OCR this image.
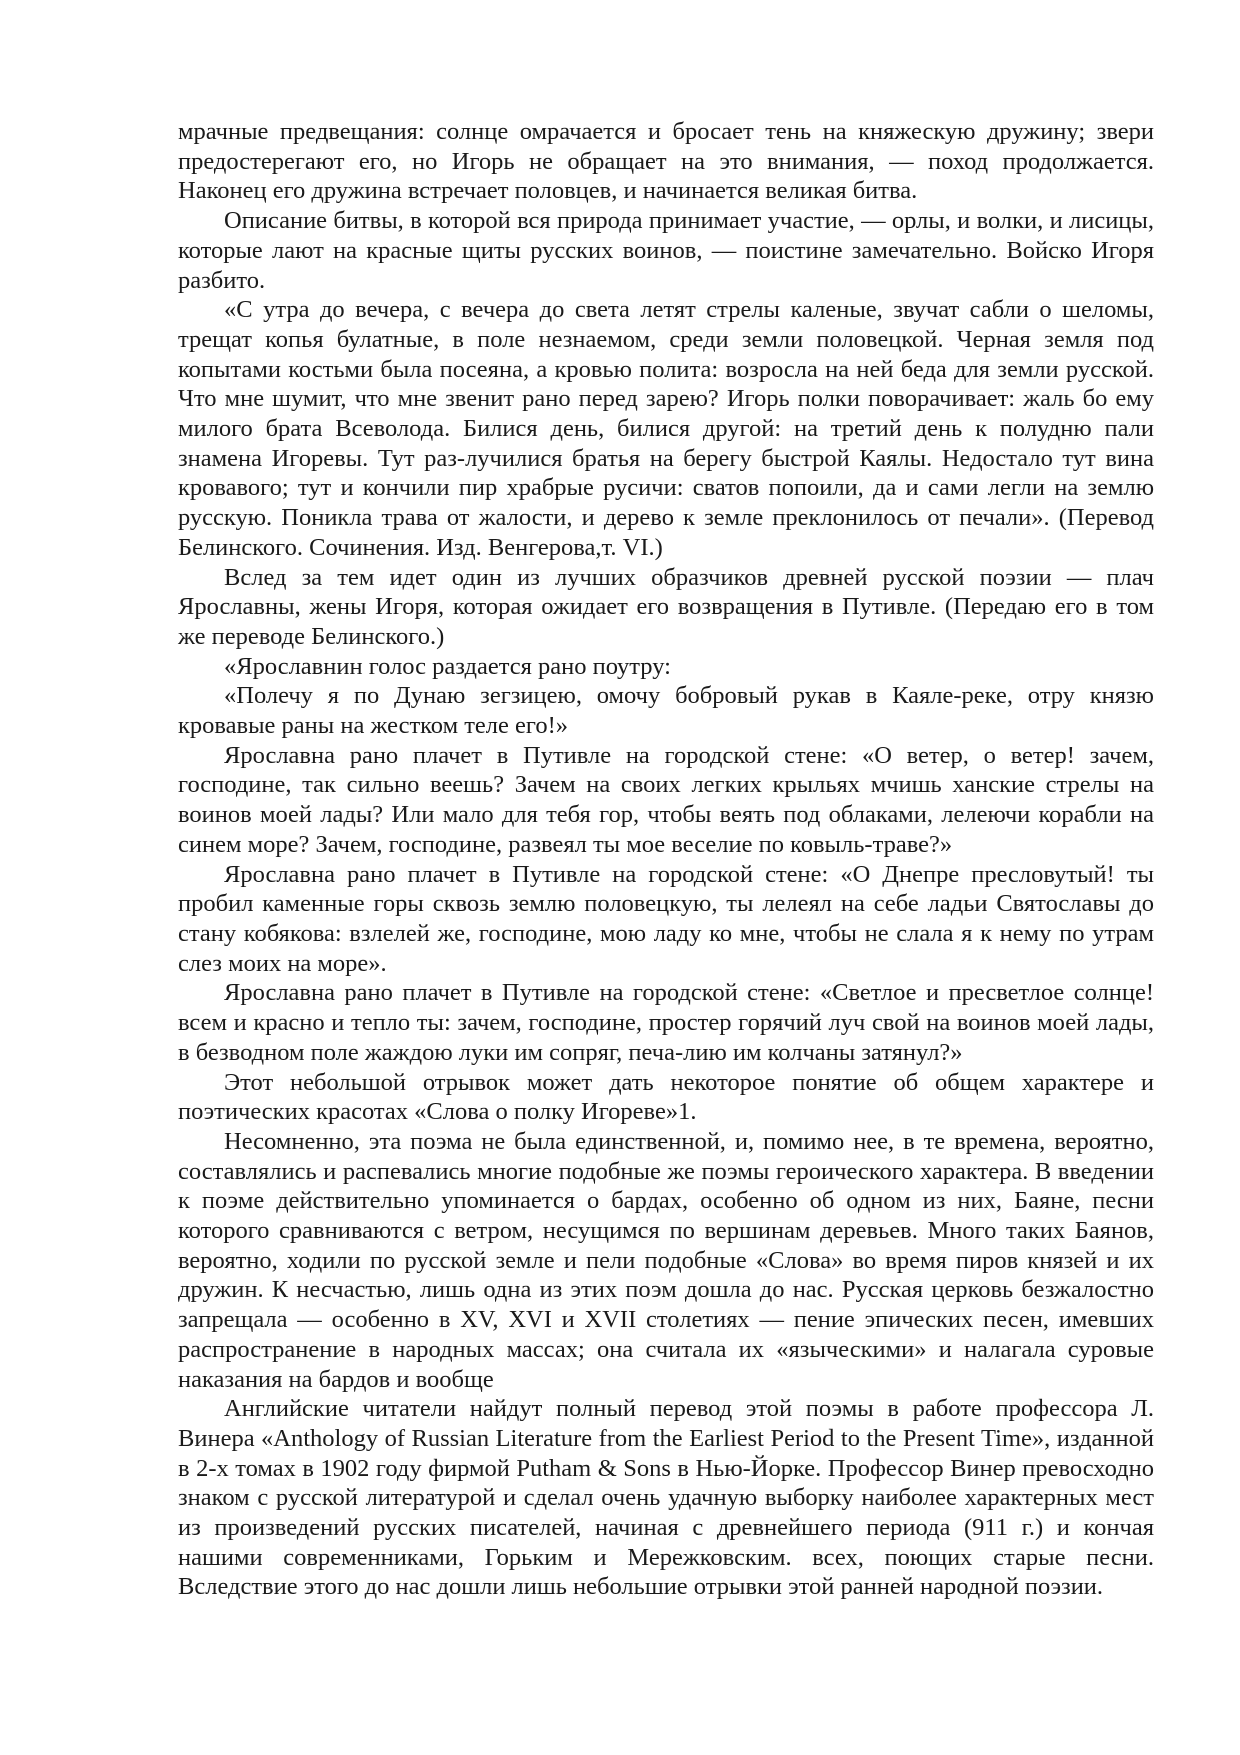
мрачные предвещания: солнце омрачается и бросает тень на княжескую дружину; звери предостерегают его, но Игорь не обращает на это внимания, — поход продолжается. Наконец его дружина встречает половцев, и начинается великая битва.

Описание битвы, в которой вся природа принимает участие, — орлы, и волки, и лисицы, которые лают на красные щиты русских воинов, — поистине замечательно. Войско Игоря разбито.

«С утра до вечера, с вечера до света летят стрелы каленые, звучат сабли о шеломы, трещат копья булатные, в поле незнаемом, среди земли половецкой. Черная земля под копытами костьми была посеяна, а кровью полита: возросла на ней беда для земли русской. Что мне шумит, что мне звенит рано перед зарею? Игорь полки поворачивает: жаль бо ему милого брата Всеволода. Билися день, билися другой: на третий день к полудню пали знамена Игоревы. Тут раз-лучилися братья на берегу быстрой Каялы. Недостало тут вина кровавого; тут и кончили пир храбрые русичи: сватов попоили, да и сами легли на землю русскую. Поникла трава от жалости, и дерево к земле преклонилось от печали». (Перевод Белинского. Сочинения. Изд. Венгерова,т. VI.)

Вслед за тем идет один из лучших образчиков древней русской поэзии — плач Ярославны, жены Игоря, которая ожидает его возвращения в Путивле. (Передаю его в том же переводе Белинского.)

«Ярославнин голос раздается рано поутру:

«Полечу я по Дунаю зегзицею, омочу бобровый рукав в Каяле-реке, отру князю кровавые раны на жестком теле его!»

Ярославна рано плачет в Путивле на городской стене: «О ветер, о ветер! зачем, господине, так сильно веешь? Зачем на своих легких крыльях мчишь ханские стрелы на воинов моей лады? Или мало для тебя гор, чтобы веять под облаками, лелеючи корабли на синем море? Зачем, господине, развеял ты мое веселие по ковыль-траве?»

Ярославна рано плачет в Путивле на городской стене: «О Днепре пресловутый! ты пробил каменные горы сквозь землю половецкую, ты лелеял на себе ладьи Святославы до стану кобякова: взлелей же, господине, мою ладу ко мне, чтобы не слала я к нему по утрам слез моих на море».

Ярославна рано плачет в Путивле на городской стене: «Светлое и пресветлое солнце! всем и красно и тепло ты: зачем, господине, простер горячий луч свой на воинов моей лады, в безводном поле жаждою луки им сопряг, печа-лию им колчаны затянул?»

Этот небольшой отрывок может дать некоторое понятие об общем характере и поэтических красотах «Слова о полку Игореве»1.

Несомненно, эта поэма не была единственной, и, помимо нее, в те времена, вероятно, составлялись и распевались многие подобные же поэмы героического характера. В введении к поэме действительно упоминается о бардах, особенно об одном из них, Баяне, песни которого сравниваются с ветром, несущимся по вершинам деревьев. Много таких Баянов, вероятно, ходили по русской земле и пели подобные «Слова» во время пиров князей и их дружин. К несчастью, лишь одна из этих поэм дошла до нас. Русская церковь безжалостно запрещала — особенно в XV, XVI и XVII столетиях — пение эпических песен, имевших распространение в народных массах; она считала их «языческими» и налагала суровые наказания на бардов и вообще

Английские читатели найдут полный перевод этой поэмы в работе профессора Л. Винера «Anthology of Russian Literature from the Earliest Period to the Present Time», изданной в 2-х томах в 1902 году фирмой Putham & Sons в Нью-Йорке. Профессор Винер превосходно знаком с русской литературой и сделал очень удачную выборку наиболее характерных мест из произведений русских писателей, начиная с древнейшего периода (911 г.) и кончая нашими современниками, Горьким и Мережковским. всех, поющих старые песни. Вследствие этого до нас дошли лишь небольшие отрывки этой ранней народной поэзии.
